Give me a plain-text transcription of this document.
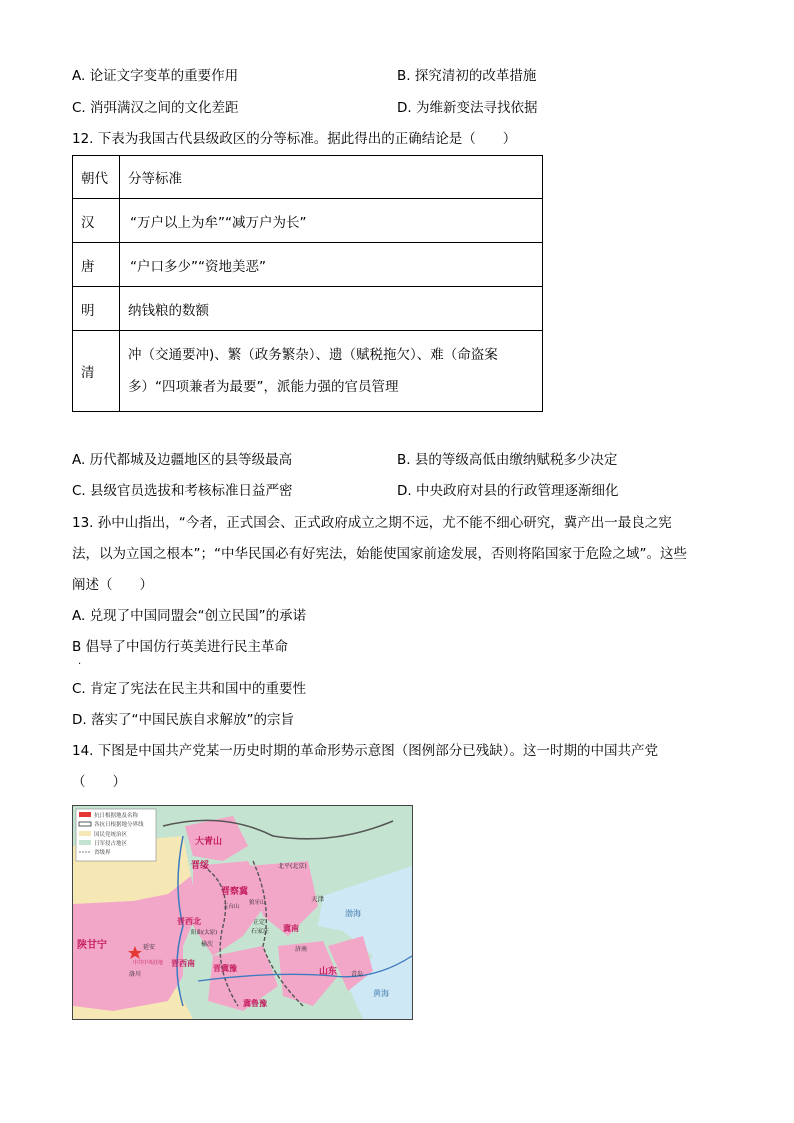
A. 论证文字变革的重要作用	B. 探究清初的改革措施
C. 消弭满汉之间的文化差距	D. 为维新变法寻找依据
12. 下表为我国古代县级政区的分等标准。据此得出的正确结论是（　　）
朝代	分等标准
汉	“万户以上为牟”“减万户为长”
唐	“户口多少”“资地美恶”
明	纳钱粮的数额
清	冲（交通要冲)、繁（政务繁杂）、遗（赋税拖欠）、难（命盗案
多）“四项兼者为最要”，派能力强的官员管理
A. 历代都城及边疆地区的县等级最高	B. 县的等级高低由缴纳赋税多少决定
C. 县级官员选拔和考核标准日益严密	D. 中央政府对县的行政管理逐渐细化
13. 孙中山指出，“今者，正式国会、正式政府成立之期不远，尤不能不细心研究，冀产出一最良之宪
法，以为立国之根本”；“中华民国必有好宪法，始能使国家前途发展，否则将陷国家于危险之域”。这些
阐述（　　）
A. 兑现了中国同盟会“创立民国”的承诺
B 倡导了中国仿行英美进行民主革命
.
C. 肯定了宪法在民主共和国中的重要性
D. 落实了“中国民族自求解放”的宗旨
14. 下图是中国共产党某一历史时期的革命形势示意图（图例部分已残缺）。这一时期的中国共产党
（　　）
抗日根据地及名称
各抗日根据地分界线
国民党统治区
日军侵占地区
省级界
大青山
晋绥
晋察冀
陕甘宁
晋西北
晋西南
冀南
晋冀豫
冀鲁豫
山东
北平(北京)
天津
五台山
狼牙山
阳曲(太原)
正定
石家庄
延安
中共中央驻地
洛川
榆次
济南
青岛
渤海
黄海
